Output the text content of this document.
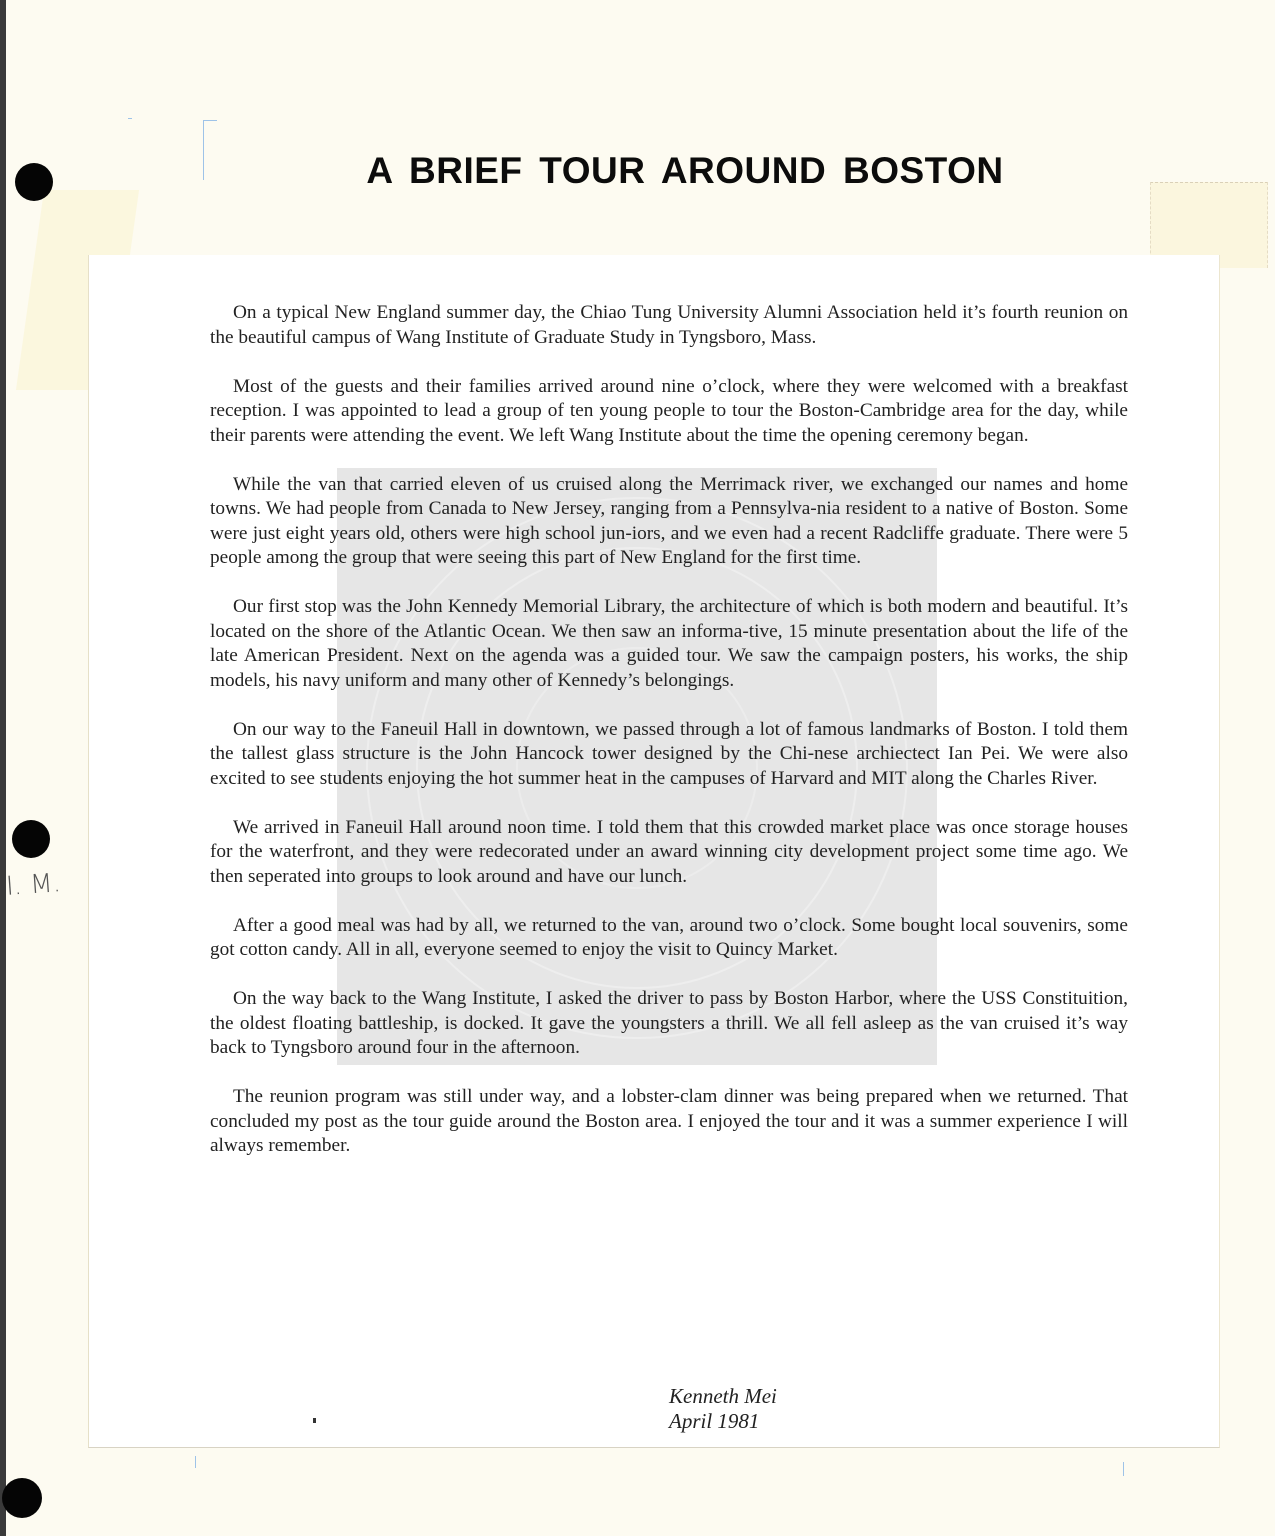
I. M.
A BRIEF TOUR AROUND BOSTON

On a typical New England summer day, the Chiao Tung University Alumni Association held it’s fourth reunion on the beautiful campus of Wang Institute of Graduate Study in Tyngsboro, Mass.

Most of the guests and their families arrived around nine o’clock, where they were welcomed with a breakfast reception. I was appointed to lead a group of ten young people to tour the Boston-Cambridge area for the day, while their parents were attending the event. We left Wang Institute about the time the opening ceremony began.

While the van that carried eleven of us cruised along the Merrimack river, we exchanged our names and home towns. We had people from Canada to New Jersey, ranging from a Pennsylva-nia resident to a native of Boston. Some were just eight years old, others were high school jun-iors, and we even had a recent Radcliffe graduate. There were 5 people among the group that were seeing this part of New England for the first time.

Our first stop was the John Kennedy Memorial Library, the architecture of which is both modern and beautiful. It’s located on the shore of the Atlantic Ocean. We then saw an informa-tive, 15 minute presentation about the life of the late American President. Next on the agenda was a guided tour. We saw the campaign posters, his works, the ship models, his navy uniform and many other of Kennedy’s belongings.

On our way to the Faneuil Hall in downtown, we passed through a lot of famous landmarks of Boston. I told them the tallest glass structure is the John Hancock tower designed by the Chi-nese archiectect Ian Pei. We were also excited to see students enjoying the hot summer heat in the campuses of Harvard and MIT along the Charles River.

We arrived in Faneuil Hall around noon time. I told them that this crowded market place was once storage houses for the waterfront, and they were redecorated under an award winning city development project some time ago. We then seperated into groups to look around and have our lunch.

After a good meal was had by all, we returned to the van, around two o’clock. Some bought local souvenirs, some got cotton candy. All in all, everyone seemed to enjoy the visit to Quincy Market.

On the way back to the Wang Institute, I asked the driver to pass by Boston Harbor, where the USS Constituition, the oldest floating battleship, is docked. It gave the youngsters a thrill. We all fell asleep as the van cruised it’s way back to Tyngsboro around four in the afternoon.

The reunion program was still under way, and a lobster-clam dinner was being prepared when we returned. That concluded my post as the tour guide around the Boston area. I enjoyed the tour and it was a summer experience I will always remember.

Kenneth Mei
April 1981
